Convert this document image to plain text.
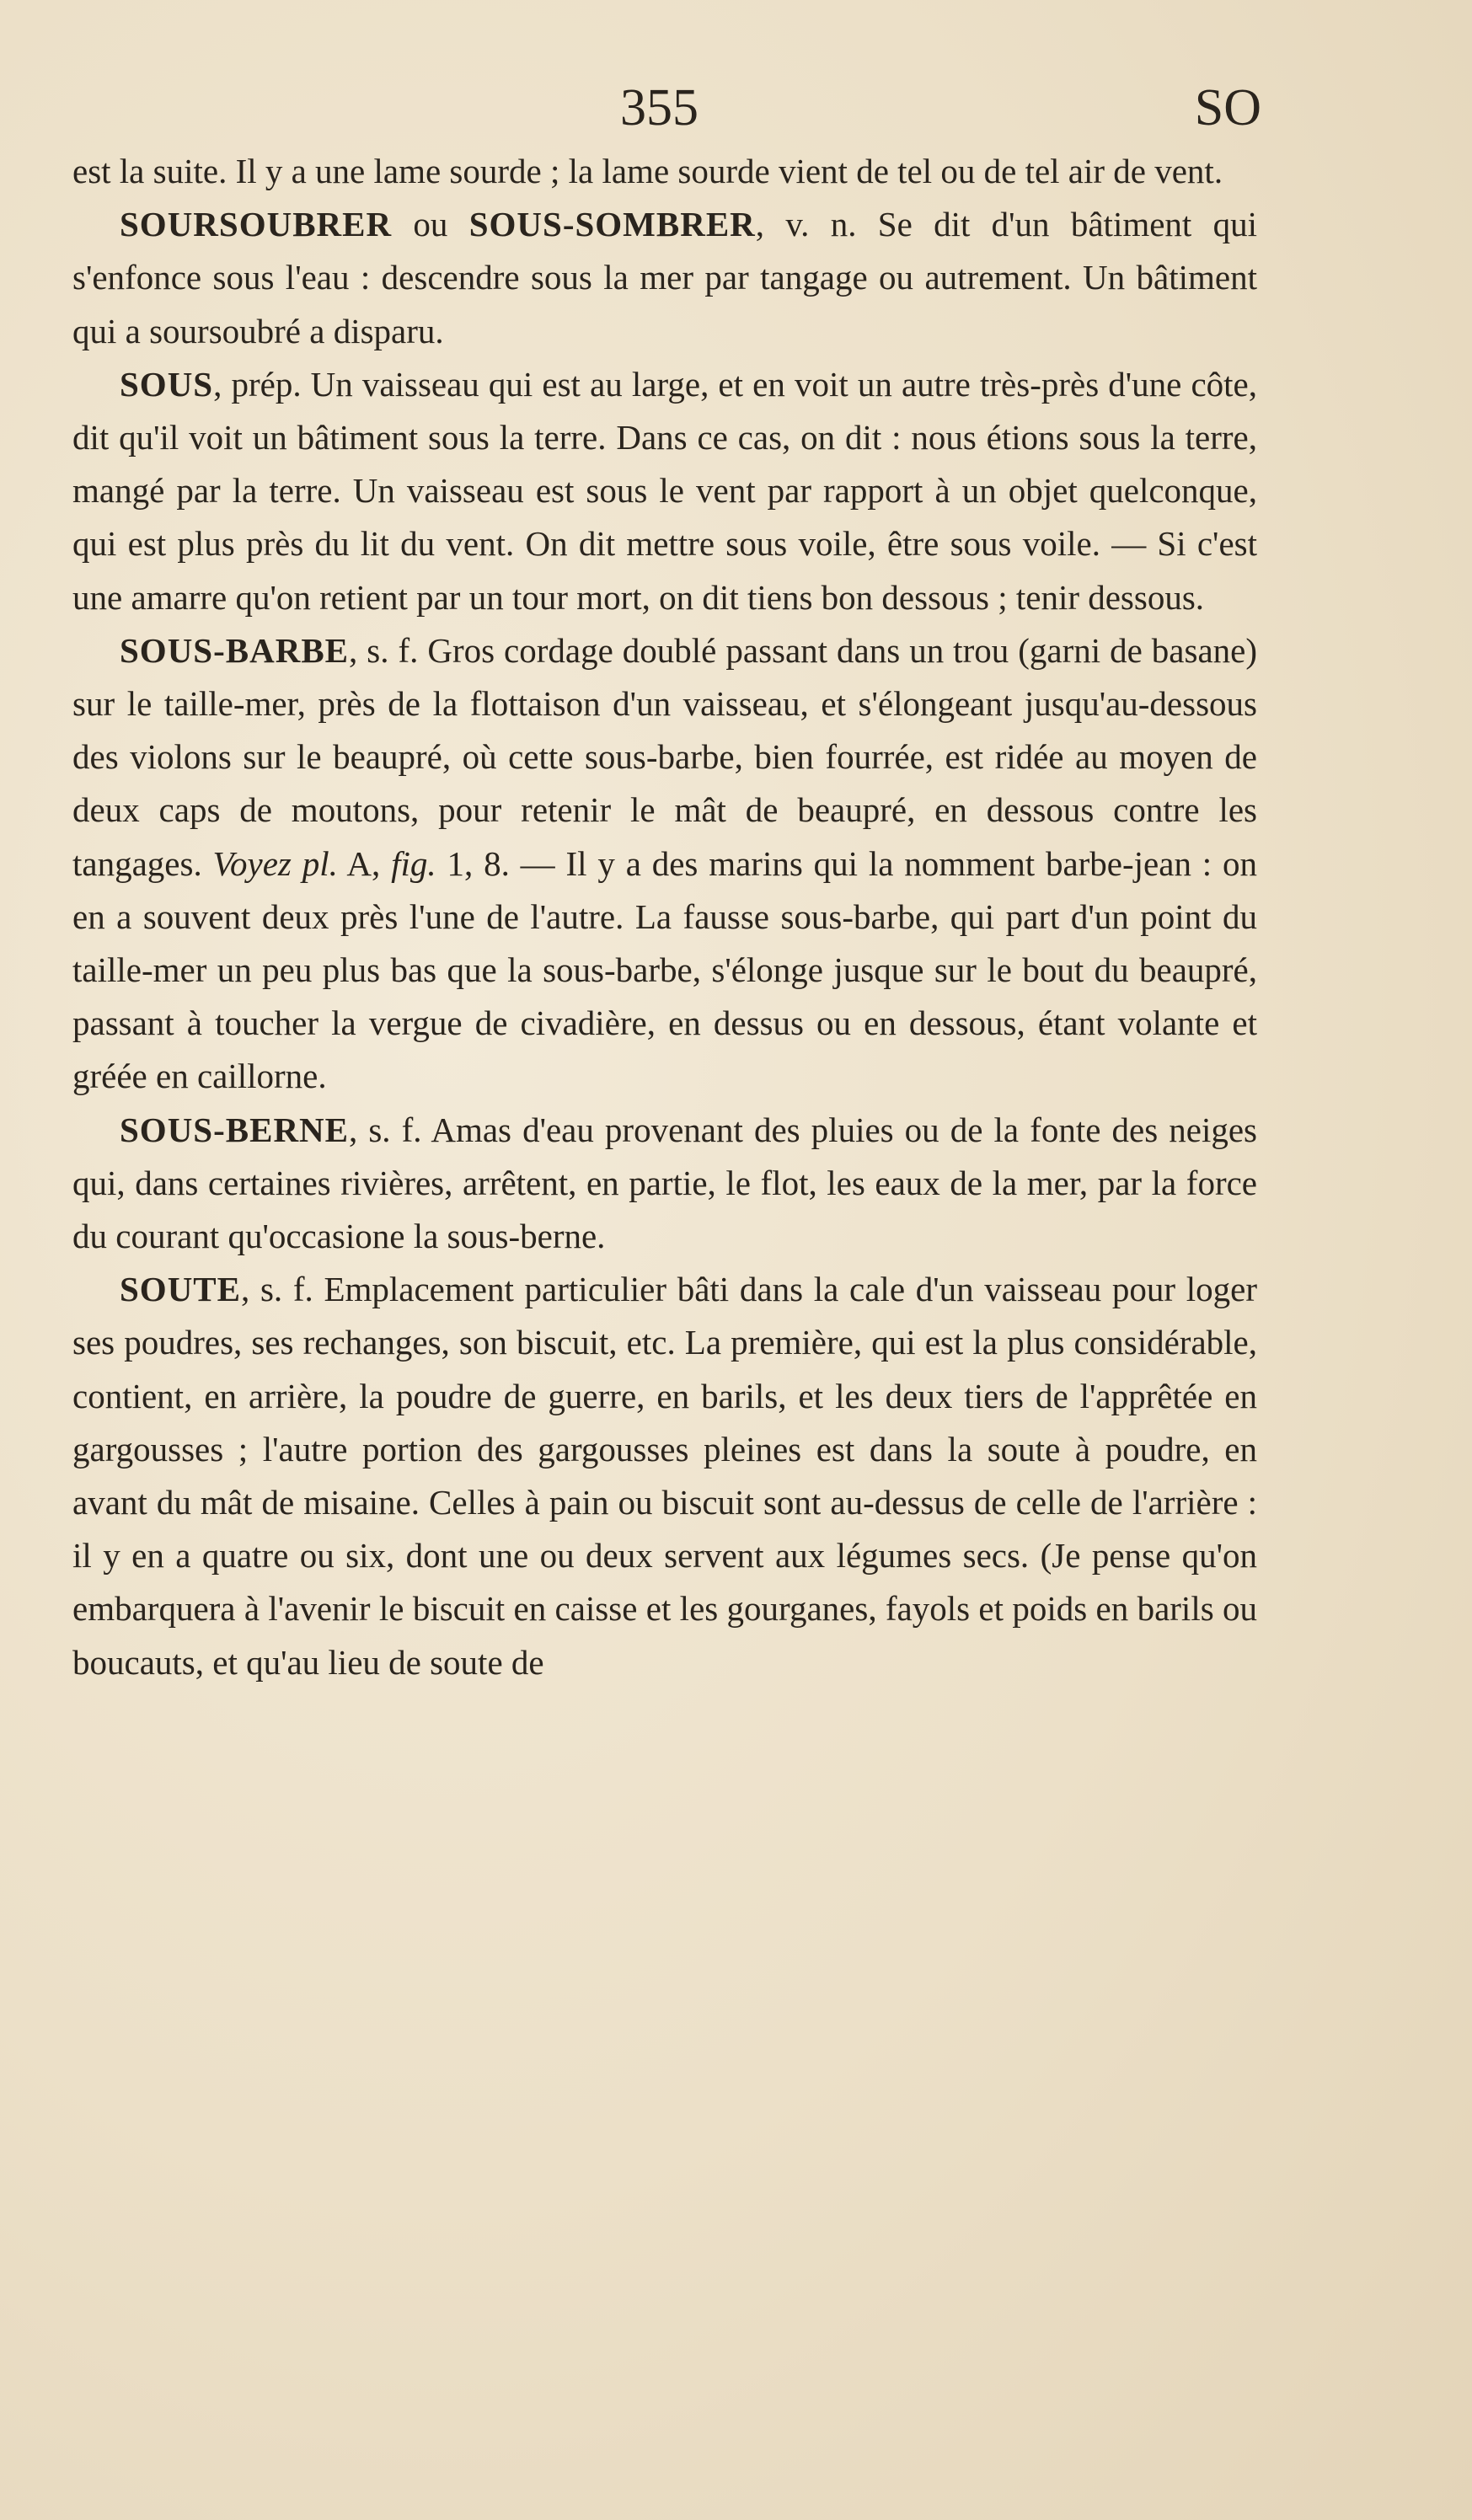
355	SO

est la suite. Il y a une lame sourde ; la lame sourde vient de tel ou de tel air de vent.

SOURSOUBRER ou SOUS-SOMBRER, v. n. Se dit d'un bâtiment qui s'enfonce sous l'eau : descendre sous la mer par tangage ou autrement. Un bâtiment qui a soursoubré a disparu.

SOUS, prép. Un vaisseau qui est au large, et en voit un autre très-près d'une côte, dit qu'il voit un bâtiment sous la terre. Dans ce cas, on dit : nous étions sous la terre, mangé par la terre. Un vaisseau est sous le vent par rapport à un objet quelconque, qui est plus près du lit du vent. On dit mettre sous voile, être sous voile. — Si c'est une amarre qu'on retient par un tour mort, on dit tiens bon dessous ; tenir dessous.

SOUS-BARBE, s. f. Gros cordage doublé passant dans un trou (garni de basane) sur le taille-mer, près de la flottaison d'un vaisseau, et s'élongeant jusqu'au-dessous des violons sur le beaupré, où cette sous-barbe, bien fourrée, est ridée au moyen de deux caps de moutons, pour retenir le mât de beaupré, en dessous contre les tangages. Voyez pl. A, fig. 1, 8. — Il y a des marins qui la nomment barbe-jean : on en a souvent deux près l'une de l'autre. La fausse sous-barbe, qui part d'un point du taille-mer un peu plus bas que la sous-barbe, s'élonge jusque sur le bout du beaupré, passant à toucher la vergue de civadière, en dessus ou en dessous, étant volante et gréée en caillorne.

SOUS-BERNE, s. f. Amas d'eau provenant des pluies ou de la fonte des neiges qui, dans certaines rivières, arrêtent, en partie, le flot, les eaux de la mer, par la force du courant qu'occasione la sous-berne.

SOUTE, s. f. Emplacement particulier bâti dans la cale d'un vaisseau pour loger ses poudres, ses rechanges, son biscuit, etc. La première, qui est la plus considérable, contient, en arrière, la poudre de guerre, en barils, et les deux tiers de l'apprêtée en gargousses ; l'autre portion des gargousses pleines est dans la soute à poudre, en avant du mât de misaine. Celles à pain ou biscuit sont au-dessus de celle de l'arrière : il y en a quatre ou six, dont une ou deux servent aux légumes secs. (Je pense qu'on embarquera à l'avenir le biscuit en caisse et les gourganes, fayols et poids en barils ou boucauts, et qu'au lieu de soute de
